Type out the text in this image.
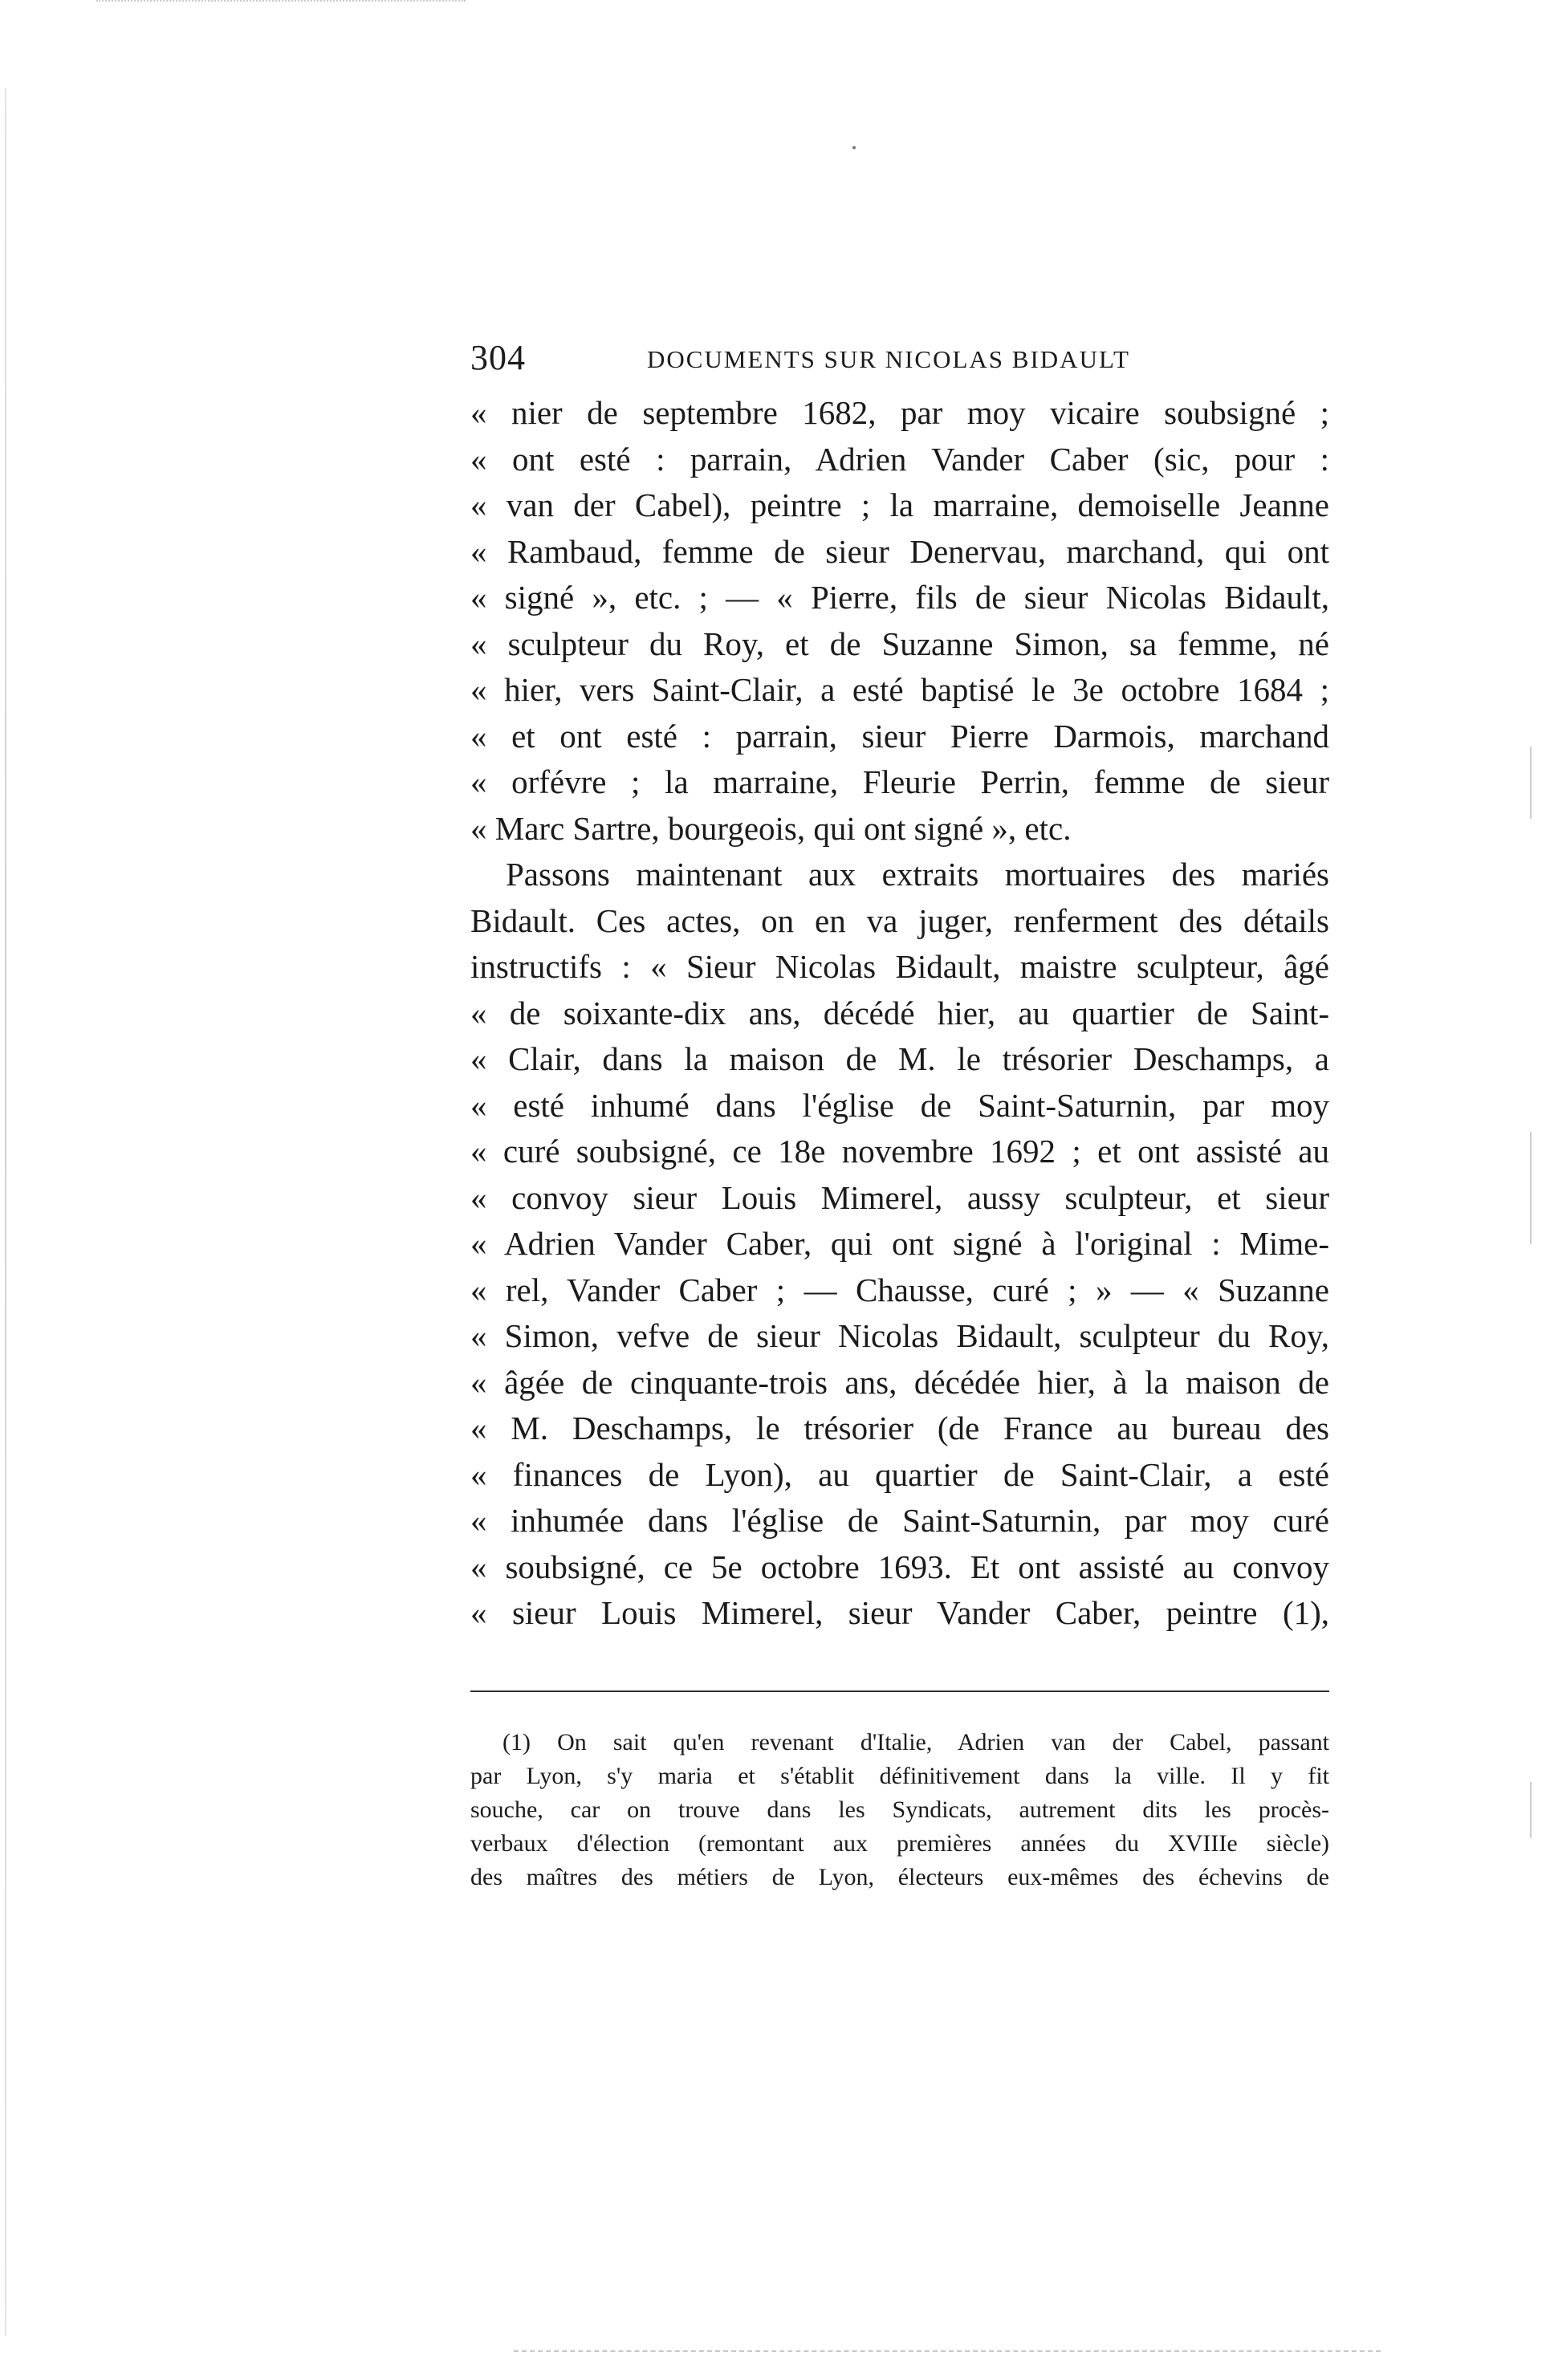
304	DOCUMENTS SUR NICOLAS BIDAULT
« nier de septembre 1682, par moy vicaire soubsigné ;
« ont esté : parrain, Adrien Vander Caber (sic, pour :
« van der Cabel), peintre ; la marraine, demoiselle Jeanne
« Rambaud, femme de sieur Denervau, marchand, qui ont
« signé », etc. ; — « Pierre, fils de sieur Nicolas Bidault,
« sculpteur du Roy, et de Suzanne Simon, sa femme, né
« hier, vers Saint-Clair, a esté baptisé le 3e octobre 1684 ;
« et ont esté : parrain, sieur Pierre Darmois, marchand
« orfévre ; la marraine, Fleurie Perrin, femme de sieur
« Marc Sartre, bourgeois, qui ont signé », etc.
Passons maintenant aux extraits mortuaires des mariés
Bidault. Ces actes, on en va juger, renferment des détails
instructifs : « Sieur Nicolas Bidault, maistre sculpteur, âgé
« de soixante-dix ans, décédé hier, au quartier de Saint-
« Clair, dans la maison de M. le trésorier Deschamps, a
« esté inhumé dans l'église de Saint-Saturnin, par moy
« curé soubsigné, ce 18e novembre 1692 ; et ont assisté au
« convoy sieur Louis Mimerel, aussy sculpteur, et sieur
« Adrien Vander Caber, qui ont signé à l'original : Mime-
« rel, Vander Caber ; — Chausse, curé ; » — « Suzanne
« Simon, vefve de sieur Nicolas Bidault, sculpteur du Roy,
« âgée de cinquante-trois ans, décédée hier, à la maison de
« M. Deschamps, le trésorier (de France au bureau des
« finances de Lyon), au quartier de Saint-Clair, a esté
« inhumée dans l'église de Saint-Saturnin, par moy curé
« soubsigné, ce 5e octobre 1693. Et ont assisté au convoy
« sieur Louis Mimerel, sieur Vander Caber, peintre (1),
(1) On sait qu'en revenant d'Italie, Adrien van der Cabel, passant
par Lyon, s'y maria et s'établit définitivement dans la ville. Il y fit
souche, car on trouve dans les Syndicats, autrement dits les procès-
verbaux d'élection (remontant aux premières années du XVIIIe siècle)
des maîtres des métiers de Lyon, électeurs eux-mêmes des échevins de
